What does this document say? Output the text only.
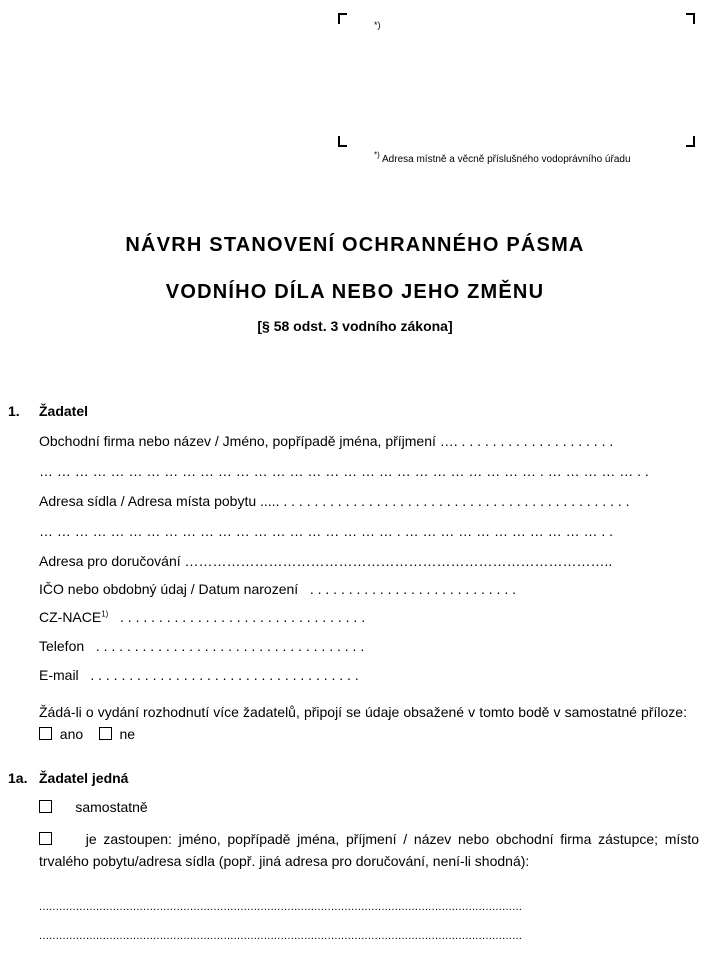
*)
*) Adresa místně a věcně příslušného vodoprávního úřadu
NÁVRH STANOVENÍ OCHRANNÉHO PÁSMA
VODNÍHO DÍLA NEBO JEHO ZMĚNU
[§ 58 odst. 3 vodního zákona]
1. Žadatel
Obchodní firma nebo název / Jméno, popřípadě jména, příjmení …. . . . . . . . . . . . . . . . . . . . .
… … … … … … … … … … … … … … … … … … … … … … … … … … … … . … … … … … . .
Adresa sídla / Adresa místa pobytu ..... . . . . . . . . . . . . . . . . . . . . . . . . . . . . . . . . . . . . . . . . . . . . .
… … … … … … … … … … … … … … … … … … … … . … … … … … … … … … … … . .
Adresa pro doručování ………………………………………………………………………………..
IČO nebo obdobný údaj / Datum narození . . . . . . . . . . . . . . . . . . . . . . . . . . .
CZ-NACE$^{1)}$ . . . . . . . . . . . . . . . . . . . . . . . . . . . . . . . .
Telefon . . . . . . . . . . . . . . . . . . . . . . . . . . . . . . . . . . .
E-mail . . . . . . . . . . . . . . . . . . . . . . . . . . . . . . . . . . .
Žádá-li o vydání rozhodnutí více žadatelů, připojí se údaje obsažené v tomto bodě v samostatné příloze:     ano	ne
1a. Žadatel jedná
samostatně
je zastoupen: jméno, popřípadě jména, příjmení / název nebo obchodní firma zástupce; místo trvalého pobytu/adresa sídla (popř. jiná adresa pro doručování, není-li shodná):
................................................................................................................................................
................................................................................................................................................
